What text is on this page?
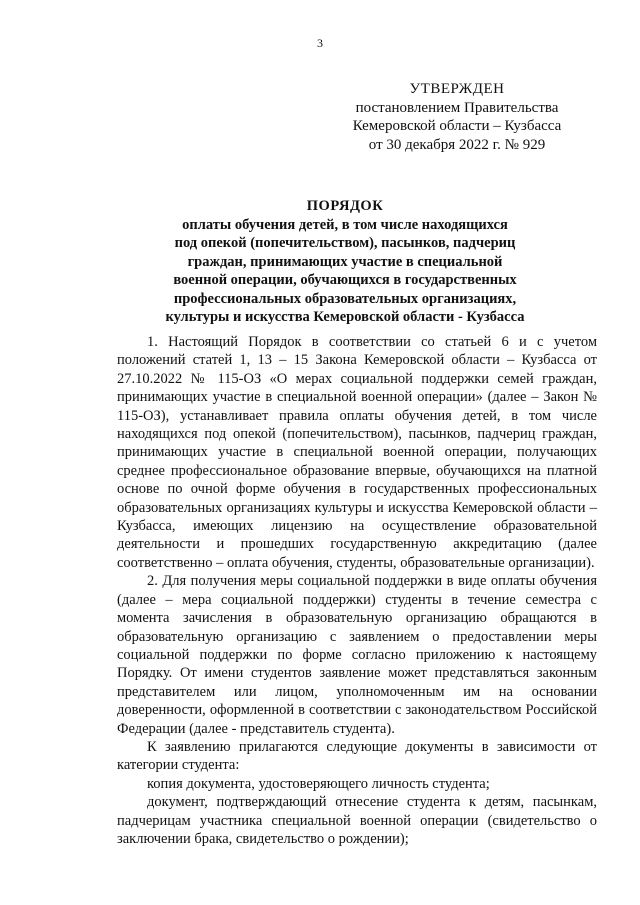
3
УТВЕРЖДЕН
постановлением Правительства
Кемеровской области – Кузбасса
от 30 декабря 2022 г. № 929
ПОРЯДОК
оплаты обучения детей, в том числе находящихся
под опекой (попечительством), пасынков, падчериц
граждан, принимающих участие в специальной
военной операции, обучающихся в государственных
профессиональных образовательных организациях,
культуры и искусства Кемеровской области - Кузбасса

1. Настоящий Порядок в соответствии со статьей 6 и с учетом положений статей 1, 13 – 15 Закона Кемеровской области – Кузбасса от 27.10.2022 № 115-ОЗ «О мерах социальной поддержки семей граждан, принимающих участие в специальной военной операции» (далее – Закон № 115-ОЗ), устанавливает правила оплаты обучения детей, в том числе находящихся под опекой (попечительством), пасынков, падчериц граждан, принимающих участие в специальной военной операции, получающих среднее профессиональное образование впервые, обучающихся на платной основе по очной форме обучения в государственных профессиональных образовательных организациях культуры и искусства Кемеровской области – Кузбасса, имеющих лицензию на осуществление образовательной деятельности и прошедших государственную аккредитацию (далее соответственно – оплата обучения, студенты, образовательные организации).

2. Для получения меры социальной поддержки в виде оплаты обучения (далее – мера социальной поддержки) студенты в течение семестра с момента зачисления в образовательную организацию обращаются в образовательную организацию с заявлением о предоставлении меры социальной поддержки по форме согласно приложению к настоящему Порядку. От имени студентов заявление может представляться законным представителем или лицом, уполномоченным им на основании доверенности, оформленной в соответствии с законодательством Российской Федерации (далее - представитель студента).

К заявлению прилагаются следующие документы в зависимости от категории студента:

копия документа, удостоверяющего личность студента;

документ, подтверждающий отнесение студента к детям, пасынкам, падчерицам участника специальной военной операции (свидетельство о заключении брака, свидетельство о рождении);
